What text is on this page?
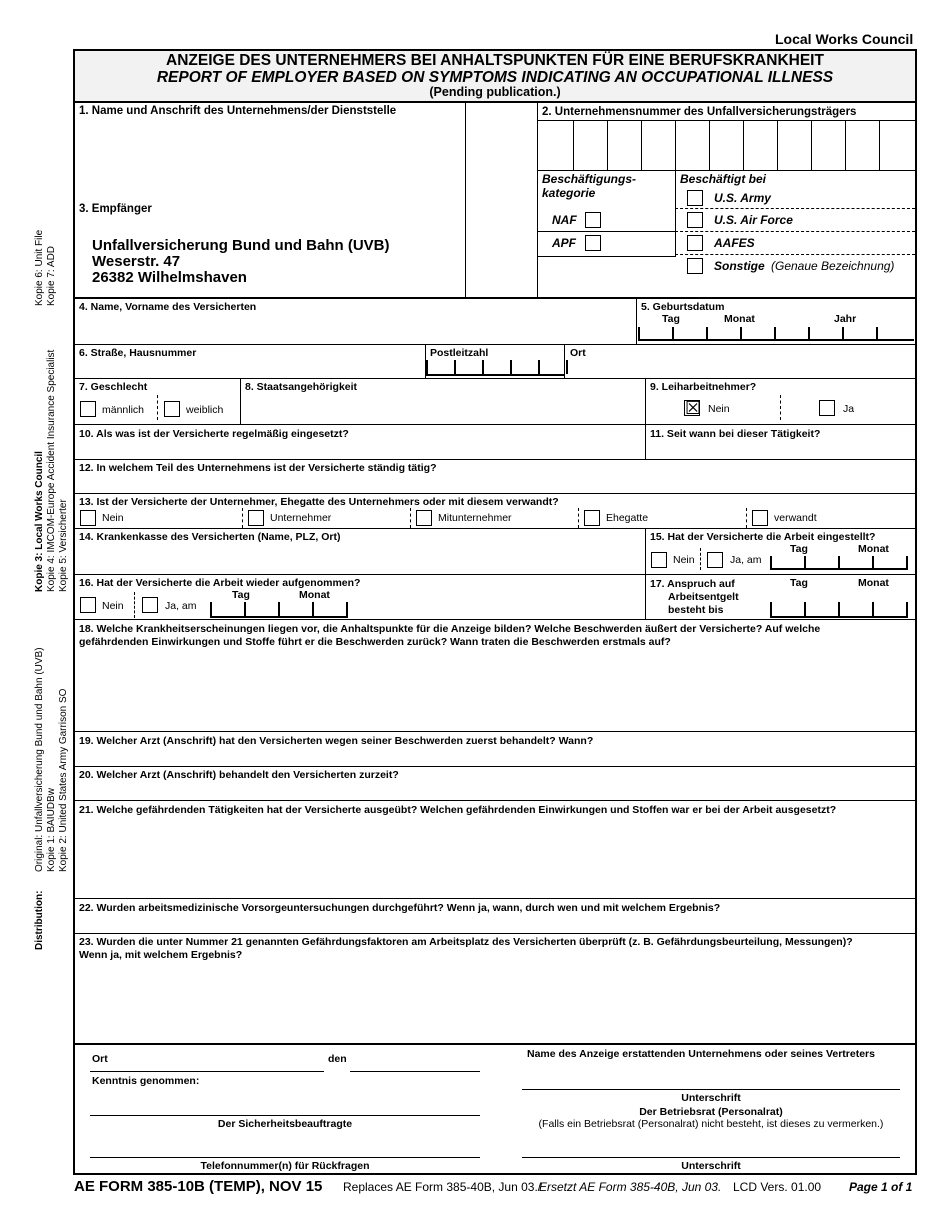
Local Works Council
Kopie 6: Unit File Kopie 7: ADD
Kopie 3: Local Works Council Kopie 4: IMCOM-Europe Accident Insurance Specialist Kopie 5: Versicherter
Original: Unfallversicherung Bund und Bahn (UVB) Kopie 1: BAIUDBw Kopie 2: United States Army Garrison SO
Distribution:
ANZEIGE DES UNTERNEHMERS BEI ANHALTSPUNKTEN FÜR EINE BERUFSKRANKHEIT
REPORT OF EMPLOYER BASED ON SYMPTOMS INDICATING AN OCCUPATIONAL ILLNESS
(Pending publication.)
1. Name und Anschrift des Unternehmens/der Dienststelle	2. Unternehmensnummer des Unfallversicherungsträgers
Beschäftigungs-
kategorie
NAF
APF
Beschäftigt bei
U.S. Army
U.S. Air Force
AAFES
Sonstige (Genaue Bezeichnung)
3. Empfänger
Unfallversicherung Bund und Bahn (UVB)
Weserstr. 47
26382 Wilhelmshaven
4. Name, Vorname des Versicherten	5. Geburtsdatum
Tag	Monat	Jahr
6. Straße, Hausnummer	Postleitzahl	Ort
7. Geschlecht
männlich	weiblich
8. Staatsangehörigkeit	9. Leiharbeitnehmer?
☒ Nein	Ja
10. Als was ist der Versicherte regelmäßig eingesetzt?	11. Seit wann bei dieser Tätigkeit?
12. In welchem Teil des Unternehmens ist der Versicherte ständig tätig?
13. Ist der Versicherte der Unternehmer, Ehegatte des Unternehmers oder mit diesem verwandt?
Nein	Unternehmer	Mitunternehmer	Ehegatte	verwandt
14. Krankenkasse des Versicherten (Name, PLZ, Ort)	15. Hat der Versicherte die Arbeit eingestellt?
Tag	Monat
Nein	Ja, am
16. Hat der Versicherte die Arbeit wieder aufgenommen?
Tag	Monat
Nein	Ja, am
17. Anspruch auf
Arbeitsentgelt
besteht bis
Tag	Monat
18. Welche Krankheitserscheinungen liegen vor, die Anhaltspunkte für die Anzeige bilden? Welche Beschwerden äußert der Versicherte? Auf welche
gefährdenden Einwirkungen und Stoffe führt er die Beschwerden zurück? Wann traten die Beschwerden erstmals auf?
19. Welcher Arzt (Anschrift) hat den Versicherten wegen seiner Beschwerden zuerst behandelt? Wann?
20. Welcher Arzt (Anschrift) behandelt den Versicherten zurzeit?
21. Welche gefährdenden Tätigkeiten hat der Versicherte ausgeübt? Welchen gefährdenden Einwirkungen und Stoffen war er bei der Arbeit ausgesetzt?
22. Wurden arbeitsmedizinische Vorsorgeuntersuchungen durchgeführt? Wenn ja, wann, durch wen und mit welchem Ergebnis?
23. Wurden die unter Nummer 21 genannten Gefährdungsfaktoren am Arbeitsplatz des Versicherten überprüft (z. B. Gefährdungsbeurteilung, Messungen)?
Wenn ja, mit welchem Ergebnis?
Ort	den
Kenntnis genommen:
Name des Anzeige erstattenden Unternehmens oder seines Vertreters
Unterschrift
Der Betriebsrat (Personalrat)
(Falls ein Betriebsrat (Personalrat) nicht besteht, ist dieses zu vermerken.)
Der Sicherheitsbeauftragte
Telefonnummer(n) für Rückfragen	Unterschrift
AE FORM 385-10B (TEMP), NOV 15 Replaces AE Form 385-40B, Jun 03./
Ersetzt AE Form 385-40B, Jun 03. LCD Vers. 01.00 Page 1 of 1
